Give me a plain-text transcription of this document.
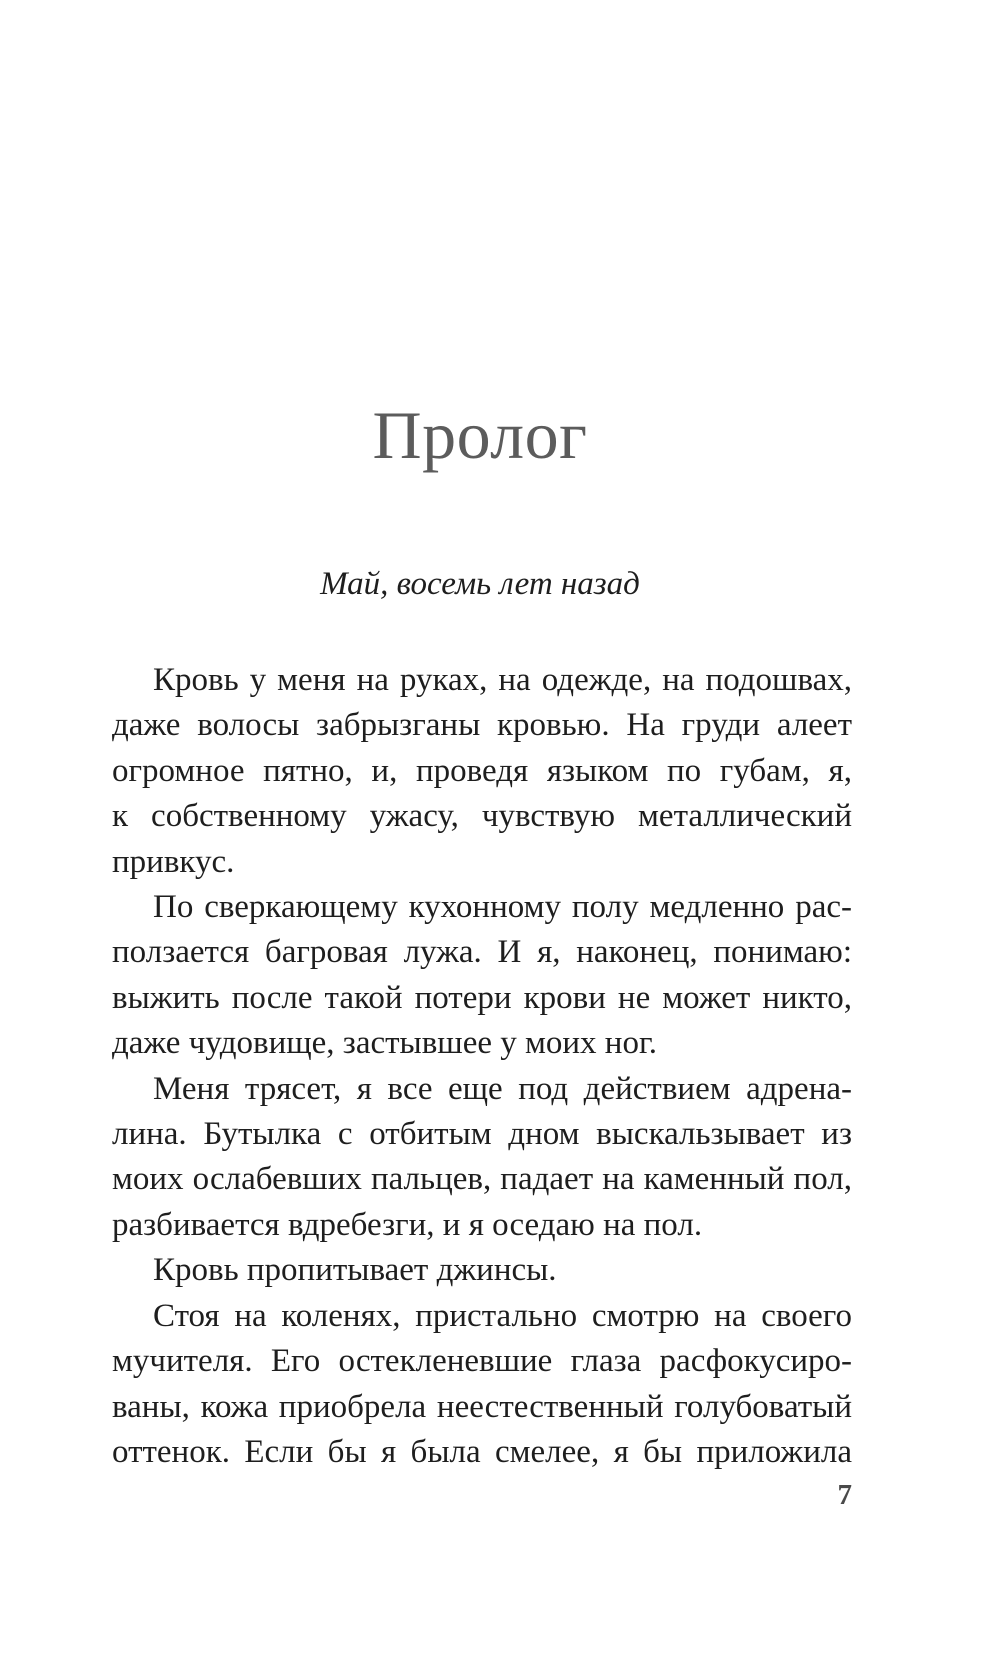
Пролог
Май, восемь лет назад
Кровь у меня на руках, на одежде, на подошвах,
даже волосы забрызганы кровью. На груди алеет
огромное пятно, и, проведя языком по губам, я,
к собственному ужасу, чувствую металлический
привкус.
По сверкающему кухонному полу медленно рас-
ползается багровая лужа. И я, наконец, понимаю:
выжить после такой потери крови не может никто,
даже чудовище, застывшее у моих ног.
Меня трясет, я все еще под действием адрена-
лина. Бутылка с отбитым дном выскальзывает из
моих ослабевших пальцев, падает на каменный пол,
разбивается вдребезги, и я оседаю на пол.
Кровь пропитывает джинсы.
Стоя на коленях, пристально смотрю на своего
мучителя. Его остекленевшие глаза расфокусиро-
ваны, кожа приобрела неестественный голубоватый
оттенок. Если бы я была смелее, я бы приложила
7
